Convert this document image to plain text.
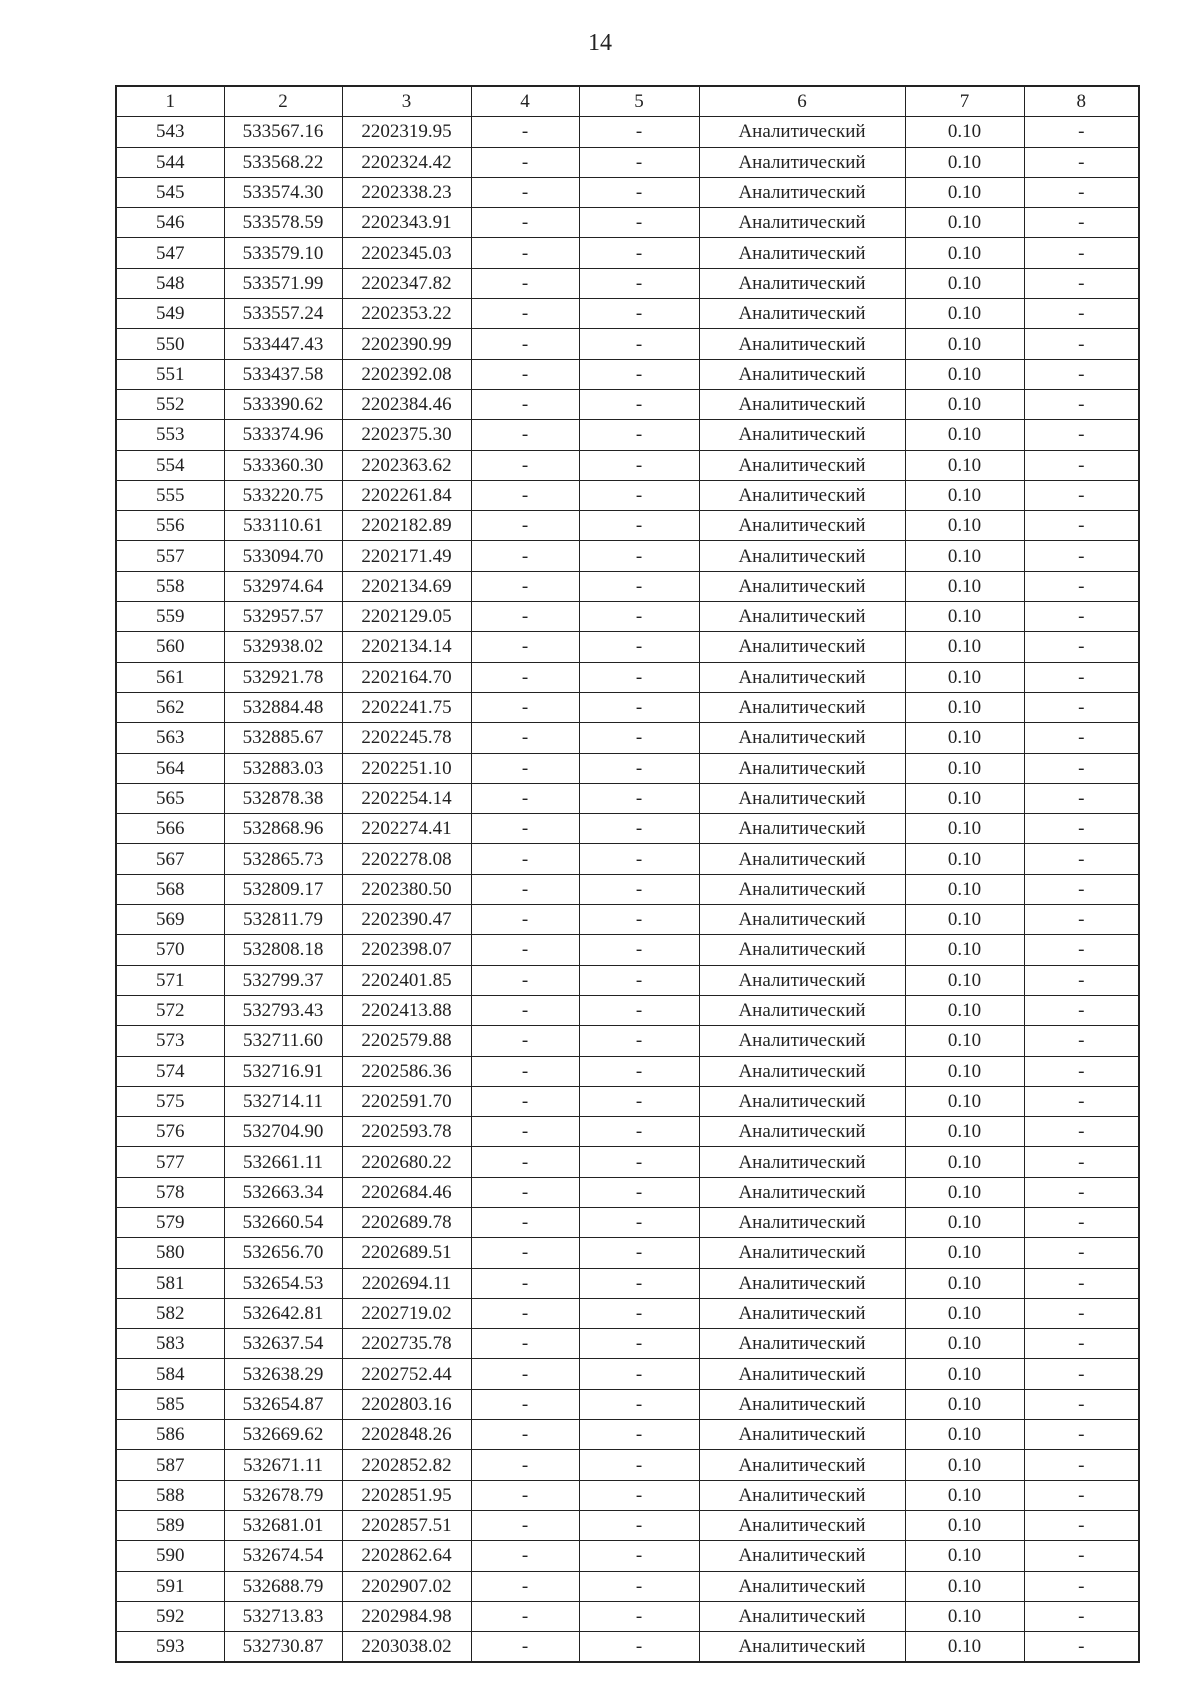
14
1	2	3	4	5	6	7	8
543	533567.16	2202319.95	-	-	Аналитический	0.10	-
544	533568.22	2202324.42	-	-	Аналитический	0.10	-
545	533574.30	2202338.23	-	-	Аналитический	0.10	-
546	533578.59	2202343.91	-	-	Аналитический	0.10	-
547	533579.10	2202345.03	-	-	Аналитический	0.10	-
548	533571.99	2202347.82	-	-	Аналитический	0.10	-
549	533557.24	2202353.22	-	-	Аналитический	0.10	-
550	533447.43	2202390.99	-	-	Аналитический	0.10	-
551	533437.58	2202392.08	-	-	Аналитический	0.10	-
552	533390.62	2202384.46	-	-	Аналитический	0.10	-
553	533374.96	2202375.30	-	-	Аналитический	0.10	-
554	533360.30	2202363.62	-	-	Аналитический	0.10	-
555	533220.75	2202261.84	-	-	Аналитический	0.10	-
556	533110.61	2202182.89	-	-	Аналитический	0.10	-
557	533094.70	2202171.49	-	-	Аналитический	0.10	-
558	532974.64	2202134.69	-	-	Аналитический	0.10	-
559	532957.57	2202129.05	-	-	Аналитический	0.10	-
560	532938.02	2202134.14	-	-	Аналитический	0.10	-
561	532921.78	2202164.70	-	-	Аналитический	0.10	-
562	532884.48	2202241.75	-	-	Аналитический	0.10	-
563	532885.67	2202245.78	-	-	Аналитический	0.10	-
564	532883.03	2202251.10	-	-	Аналитический	0.10	-
565	532878.38	2202254.14	-	-	Аналитический	0.10	-
566	532868.96	2202274.41	-	-	Аналитический	0.10	-
567	532865.73	2202278.08	-	-	Аналитический	0.10	-
568	532809.17	2202380.50	-	-	Аналитический	0.10	-
569	532811.79	2202390.47	-	-	Аналитический	0.10	-
570	532808.18	2202398.07	-	-	Аналитический	0.10	-
571	532799.37	2202401.85	-	-	Аналитический	0.10	-
572	532793.43	2202413.88	-	-	Аналитический	0.10	-
573	532711.60	2202579.88	-	-	Аналитический	0.10	-
574	532716.91	2202586.36	-	-	Аналитический	0.10	-
575	532714.11	2202591.70	-	-	Аналитический	0.10	-
576	532704.90	2202593.78	-	-	Аналитический	0.10	-
577	532661.11	2202680.22	-	-	Аналитический	0.10	-
578	532663.34	2202684.46	-	-	Аналитический	0.10	-
579	532660.54	2202689.78	-	-	Аналитический	0.10	-
580	532656.70	2202689.51	-	-	Аналитический	0.10	-
581	532654.53	2202694.11	-	-	Аналитический	0.10	-
582	532642.81	2202719.02	-	-	Аналитический	0.10	-
583	532637.54	2202735.78	-	-	Аналитический	0.10	-
584	532638.29	2202752.44	-	-	Аналитический	0.10	-
585	532654.87	2202803.16	-	-	Аналитический	0.10	-
586	532669.62	2202848.26	-	-	Аналитический	0.10	-
587	532671.11	2202852.82	-	-	Аналитический	0.10	-
588	532678.79	2202851.95	-	-	Аналитический	0.10	-
589	532681.01	2202857.51	-	-	Аналитический	0.10	-
590	532674.54	2202862.64	-	-	Аналитический	0.10	-
591	532688.79	2202907.02	-	-	Аналитический	0.10	-
592	532713.83	2202984.98	-	-	Аналитический	0.10	-
593	532730.87	2203038.02	-	-	Аналитический	0.10	-
